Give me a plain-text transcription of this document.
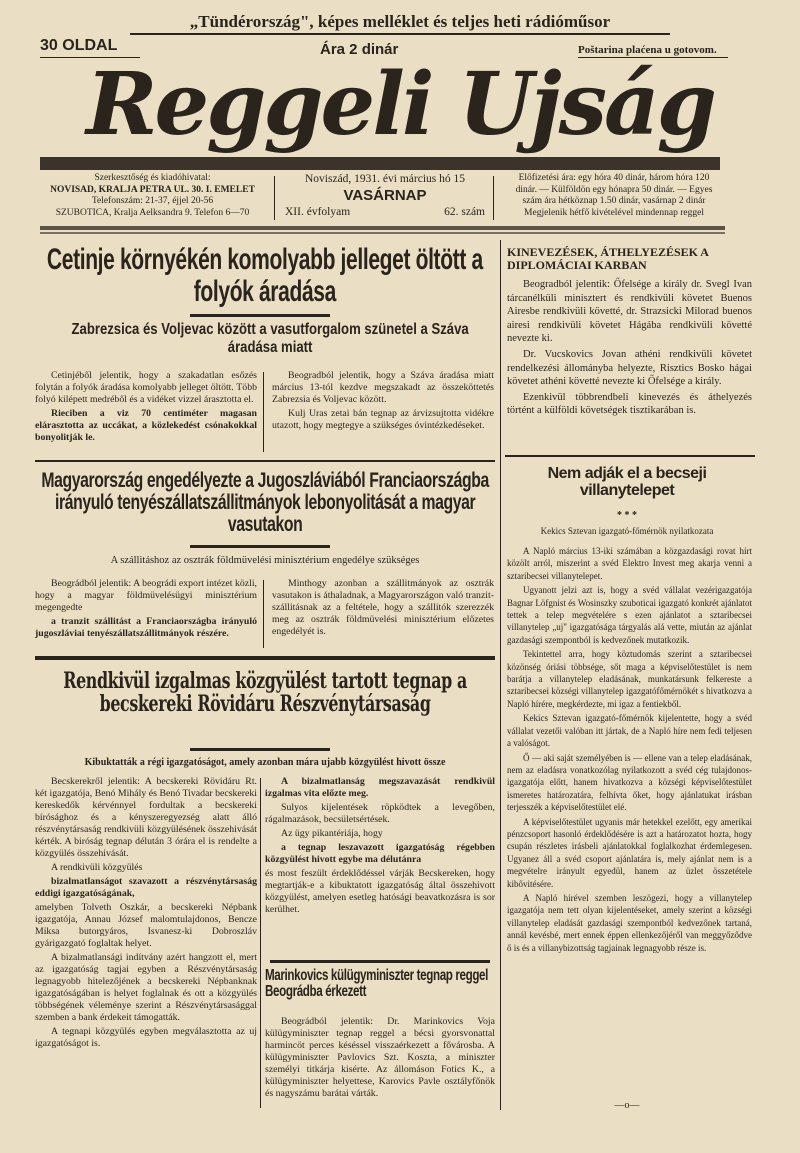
„Tündérország", képes melléklet és teljes heti rádióműsor
30 OLDAL	Ára 2 dinár	Poštarina plaćena u gotovom.
Reggeli Ujság
Szerkesztőség és kiadóhivatal:
NOVISAD, KRALJA PETRA UL. 30. I. EMELET
Telefonszám: 21-37, éjjel 20-56
SZUBOTICA, Kralja Aelksandra 9. Telefon 6—70
Noviszád, 1931. évi március hó 15
VASÁRNAP
XII. évfolyam	62. szám
Előfizetési ára: egy hóra 40 dinár, három hóra 120
dinár. — Külföldön egy hónapra 50 dinár. — Egyes
szám ára hétköznap 1.50 dinár, vasárnap 2 dinár
Megjelenik hétfő kivételével mindennap reggel
Cetinje környékén komolyabb jelleget öltött a folyók áradása
Zabrezsica és Voljevac között a vasutforgalom szünetel a Száva áradása miatt

Cetinjéből jelentik, hogy a szakadatlan esőzés folytán a folyók áradása komolyabb jelleget öltött. Több folyó kilépett medréből és a vidéket vizzel árasztotta el.

Rieciben a viz 70 centiméter magasan elárasztotta az uccákat, a közlekedést csónakokkal bonyolitják le.

Beogradból jelentik, hogy a Száva áradása miatt március 13-tól kezdve megszakadt az összeköttetés Zabrezsia és Voljevac között.

Kulj Uras zetai bán tegnap az árvizsujtotta vidékre utazott, hogy megtegye a szükséges óvintézkedéseket.

Magyarország engedélyezte a Jugoszláviából Franciaországba irányuló tenyészállatszállitmányok lebonyolitását a magyar vasutakon
A szállitáshoz az osztrák földmüvelési minisztérium engedélye szükséges

Beográdból jelentik: A beográdi export intézet közli, hogy a magyar földmüvelésügyi minisztérium megengedte

a tranzit szállitást a Franciaországba irányuló jugoszláviai tenyészállatszállitmányok részére.

Minthogy azonban a szállitmányok az osztrák vasutakon is áthaladnak, a Magyarországon való tranzit-szállitásnak az a feltétele, hogy a szállitók szerezzék meg az osztrák földmüvelési minisztérium előzetes engedélyét is.

Rendkivül izgalmas közgyülést tartott tegnap a becskereki Rövidáru Részvénytársaság
Kibuktatták a régi igazgatóságot, amely azonban mára ujabb közgyülést hivott össze

Becskerekről jelentik: A becskereki Rövidáru Rt. két igazgatója, Benó Mihály és Benó Tivadar becskereki kereskedők kérvénnyel fordultak a becskereki bírósághoz és a kényszeregyezség alatt álló részvénytársaság rendkivüli közgyülésének összehivását kérték. A biróság tegnap délután 3 órára el is rendelte a közgyülés összehivását.

A rendkivüli közgyülés

bizalmatlanságot szavazott a részvénytársaság eddigi igazgatóságának,

amelyben Tolveth Oszkár, a becskereki Népbank igazgatója, Annau József malomtulajdonos, Bencze Miksa butorgyáros, Isvanesz-ki Dobroszláv gyárigazgató foglaltak helyet.

A bizalmatlansági indítvány azért hangzott el, mert az igazgatóság tagjai egyben a Részvénytársaság legnagyobb hitelezőjének a becskereki Népbanknak igazgatóságában is helyet foglalnak és ott a közgyülés többségének véleménye szerint a Részvénytársasággal szemben a bank érdekeit támogatták.

A tegnapi közgyülés egyben megválasztotta az uj igazgatóságot is.

A bizalmatlanság megszavazását rendkivül izgalmas vita előzte meg.

Sulyos kijelentések röpködtek a levegőben, rágalmazások, becsületsértések.

Az ügy pikantériája, hogy

a tegnap leszavazott igazgatóság régebben közgyülést hivott egybe ma délutánra

és most feszült érdeklődéssel várják Becskereken, hogy megtartják-e a kibuktatott igazgatóság által összehivott közgyülést, amelyen esetleg hatósági beavatkozásra is sor kerülhet.

Marinkovics külügyminiszter tegnap reggel Beográdba érkezett

Beográdból jelentik: Dr. Marinkovics Voja külügyminiszter tegnap reggel a bécsi gyorsvonattal harmincöt perces késéssel visszaérkezett a fővárosba. A külügyminiszter Pavlovics Szt. Koszta, a miniszter személyi titkárja kisérte. Az állomáson Fotics K., a külügyminiszter helyettese, Karovics Pavle osztályfőnök és nagyszámu barátai várták.

KINEVEZÉSEK, ÁTHELYEZÉSEK A DIPLOMÁCIAI KARBAN

Beogradból jelentik: Őfelsége a király dr. Svegl Ivan tárcanélküli minisztert és rendkivüli követet Buenos Airesbe rendkivüli követté, dr. Strazsicki Milorad buenos airesi rendkivüli követet Hágába rendkivüli követté nevezte ki.

Dr. Vucskovics Jovan athéni rendkivüli követet rendelkezési állományba helyezte, Risztics Bosko hágai követet athéni követté nevezte ki Őfelsége a király.

Ezenkivül többrendbeli kinevezés és áthelyezés történt a külföldi követségek tisztikarában is.

Nem adják el a becseji villanytelepet
* * *
Kekics Sztevan igazgató-főmérnök nyilatkozata

A Napló március 13-iki számában a közgazdasági rovat hírt közölt arról, miszerint a svéd Elektro Invest meg akarja venni a sztaribecsei villanytelepet.

Ugyanott jelzi azt is, hogy a svéd vállalat vezérigazgatója Bagnar Löfgnist és Wosinszky szuboticai igazgató konkrét ajánlatot tettek a telep megvételére s ezen ajánlatot a sztaribecsei villanytelep „uj" igazgatósága tárgyalás alá vette, miután az ajánlat gazdasági szempontból is kedvezőnek mutatkozik.

Tekintettel arra, hogy köztudomás szerint a sztaribecsei közönség óriási többsége, sőt maga a képviselőtestület is nem barátja a villanytelep eladásának, munkatársunk felkereste a sztaribecsei községi villanytelep igazgatófőmérnökét s hivatkozva a Napló hírére, megkérdezte, mi igaz a fentiekből.

Kekics Sztevan igazgató-főmérnök kijelentette, hogy a svéd vállalat vezetői valóban itt jártak, de a Napló híre nem fedi teljesen a valóságot.

Ő — aki saját személyében is — ellene van a telep eladásának, nem az eladásra vonatkozólag nyilatkozott a svéd cég tulajdonos-igazgatója előtt, hanem hivatkozva a községi képviselőtestület ismeretes határozatára, felhívta őket, hogy ajánlatukat irásban terjesszék a képviselőtestület elé.

A képviselőtestület ugyanis már hetekkel ezelőtt, egy amerikai pénzcsoport hasonló érdeklődésére is azt a határozatot hozta, hogy csupán részletes irásbeli ajánlatokkal foglalkozhat érdemlegesen. Ugyanez áll a svéd csoport ajánlatára is, mely ajánlat nem is a megvételre irányult egyedül, hanem az üzlet összetétele kibővitésére.

A Napló hírével szemben leszögezi, hogy a villanytelep igazgatója nem tett olyan kijelentéseket, amely szerint a községi villanytelep eladását gazdasági szempontból kedvezőnek tartaná, annál kevésbé, mert ennek éppen ellenkezőjéről van meggyőződve ő is és a villanybizottság tagjainak legnagyobb része is.

—o—
